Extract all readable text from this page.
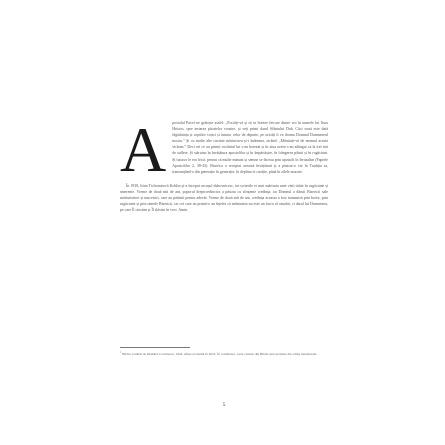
A	postolul Pavel ne grăiește astfel: „Pocăiți-vă și să se boteze fiecare dintre voi în numele lui Iisus Hristos, spre iertarea păcatelor voastre, și veți primi darul Sfântului Duh. Căci vouă este dată făgăduința și copiilor voștri și tuturor celor de departe, pe oricâți îi va chema Domnul Dumnezeul nostru.” Și cu multe alte cuvinte mărturisea și-i îndemna, zicând: „Mântuiți-vă de neamul acesta viclean.” Deci cei ce au primit cuvântul lui s-au botezat și în ziua aceea s-au adăugat ca la trei mii de suflete. Și stăruiau în învățătura apostolilor și în împărtășire, în frângerea pâinii și în rugăciuni. Și tuturor le era frică, pentru că multe minuni și semne se făceau prin apostoli în Ierusalim (Faptele Apostolilor 2, 38-43). Biserica a receptat această învățătură și a păstrat-o vie în Tradiția sa, transmițând-o din generație în generație, în deplina ei curăție, până în zilele noastre.

În 1938, Irina Tichomirovă Koblin și-a început urcușul duhovnicesc, iar scrierile ei sunt mărturia unei vieți trăite în rugăciune și smerenie. Vreme de două mii de ani, poporul dreptcredincios a păstrat cu sfințenie credința, iar Domnul a dăruit Bisericii sale mărturisitori și mucenici, care au pătimit pentru adevăr. Vreme de două mii de ani, credința aceasta a fost transmisă prin botez, prin rugăciune și prin tainele Bisericii, iar cei care au primit-o au înțeles că mântuirea nu este un lucru al omului, ci darul lui Dumnezeu, pe care Îl cinstim și Îl slăvim în veci. Amin.

$^1$ Biblia, tradusă de Dumitru Cornilescu, 1924, ediție revizuită în 2016. În continuare, toate citatele din Biblie sunt preluate din ediția menționată.
5
